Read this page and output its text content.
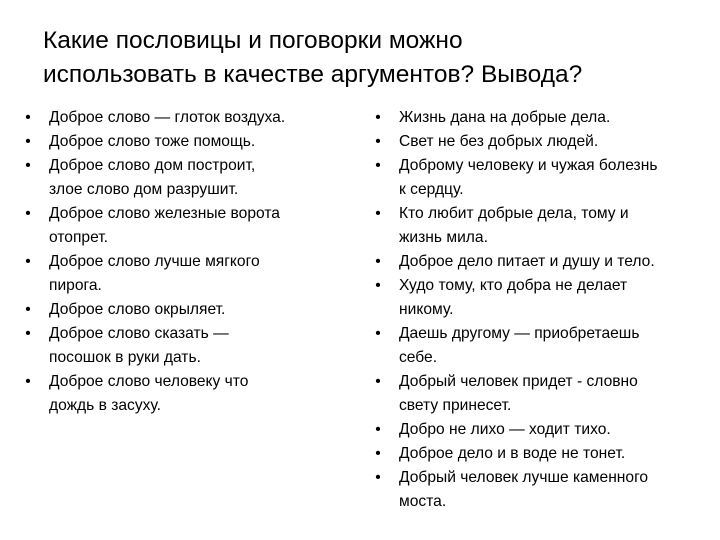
Какие пословицы и поговорки можно
использовать в качестве аргументов? Вывода?
• Доброе слово — глоток воздуха.
• Доброе слово тоже помощь.
• Доброе слово дом построит,
злое слово дом разрушит.
• Доброе слово железные ворота
отопрет.
• Доброе слово лучше мягкого
пирога.
• Доброе слово окрыляет.
• Доброе слово сказать —
посошок в руки дать.
• Доброе слово человеку что
дождь в засуху.
• Жизнь дана на добрые дела.
• Свет не без добрых людей.
• Доброму человеку и чужая болезнь
к сердцу.
• Кто любит добрые дела, тому и
жизнь мила.
• Доброе дело питает и душу и тело.
• Худо тому, кто добра не делает
никому.
• Даешь другому — приобретаешь
себе.
• Добрый человек придет - словно
свету принесет.
• Добро не лихо — ходит тихо.
• Доброе дело и в воде не тонет.
• Добрый человек лучше каменного
моста.
